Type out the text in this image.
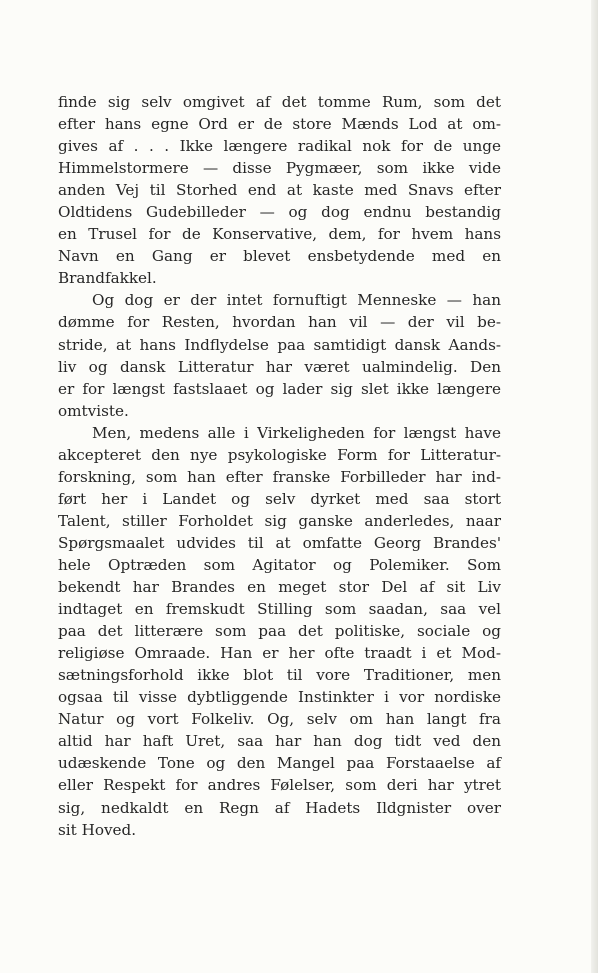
finde sig selv omgivet af det tomme Rum, som det
efter hans egne Ord er de store Mænds Lod at om-
gives af . . . Ikke længere radikal nok for de unge
Himmelstormere — disse Pygmæer, som ikke vide
anden Vej til Storhed end at kaste med Snavs efter
Oldtidens Gudebilleder — og dog endnu bestandig
en Trusel for de Konservative, dem, for hvem hans
Navn en Gang er blevet ensbetydende med en
Brandfakkel.
Og dog er der intet fornuftigt Menneske — han
dømme for Resten, hvordan han vil — der vil be-
stride, at hans Indflydelse paa samtidigt dansk Aands-
liv og dansk Litteratur har været ualmindelig. Den
er for længst fastslaaet og lader sig slet ikke længere
omtviste.
Men, medens alle i Virkeligheden for længst have
akcepteret den nye psykologiske Form for Litteratur-
forskning, som han efter franske Forbilleder har ind-
ført her i Landet og selv dyrket med saa stort
Talent, stiller Forholdet sig ganske anderledes, naar
Spørgsmaalet udvides til at omfatte Georg Brandes'
hele Optræden som Agitator og Polemiker. Som
bekendt har Brandes en meget stor Del af sit Liv
indtaget en fremskudt Stilling som saadan, saa vel
paa det litterære som paa det politiske, sociale og
religiøse Omraade. Han er her ofte traadt i et Mod-
sætningsforhold ikke blot til vore Traditioner, men
ogsaa til visse dybtliggende Instinkter i vor nordiske
Natur og vort Folkeliv. Og, selv om han langt fra
altid har haft Uret, saa har han dog tidt ved den
udæskende Tone og den Mangel paa Forstaaelse af
eller Respekt for andres Følelser, som deri har ytret
sig, nedkaldt en Regn af Hadets Ildgnister over
sit Hoved.
